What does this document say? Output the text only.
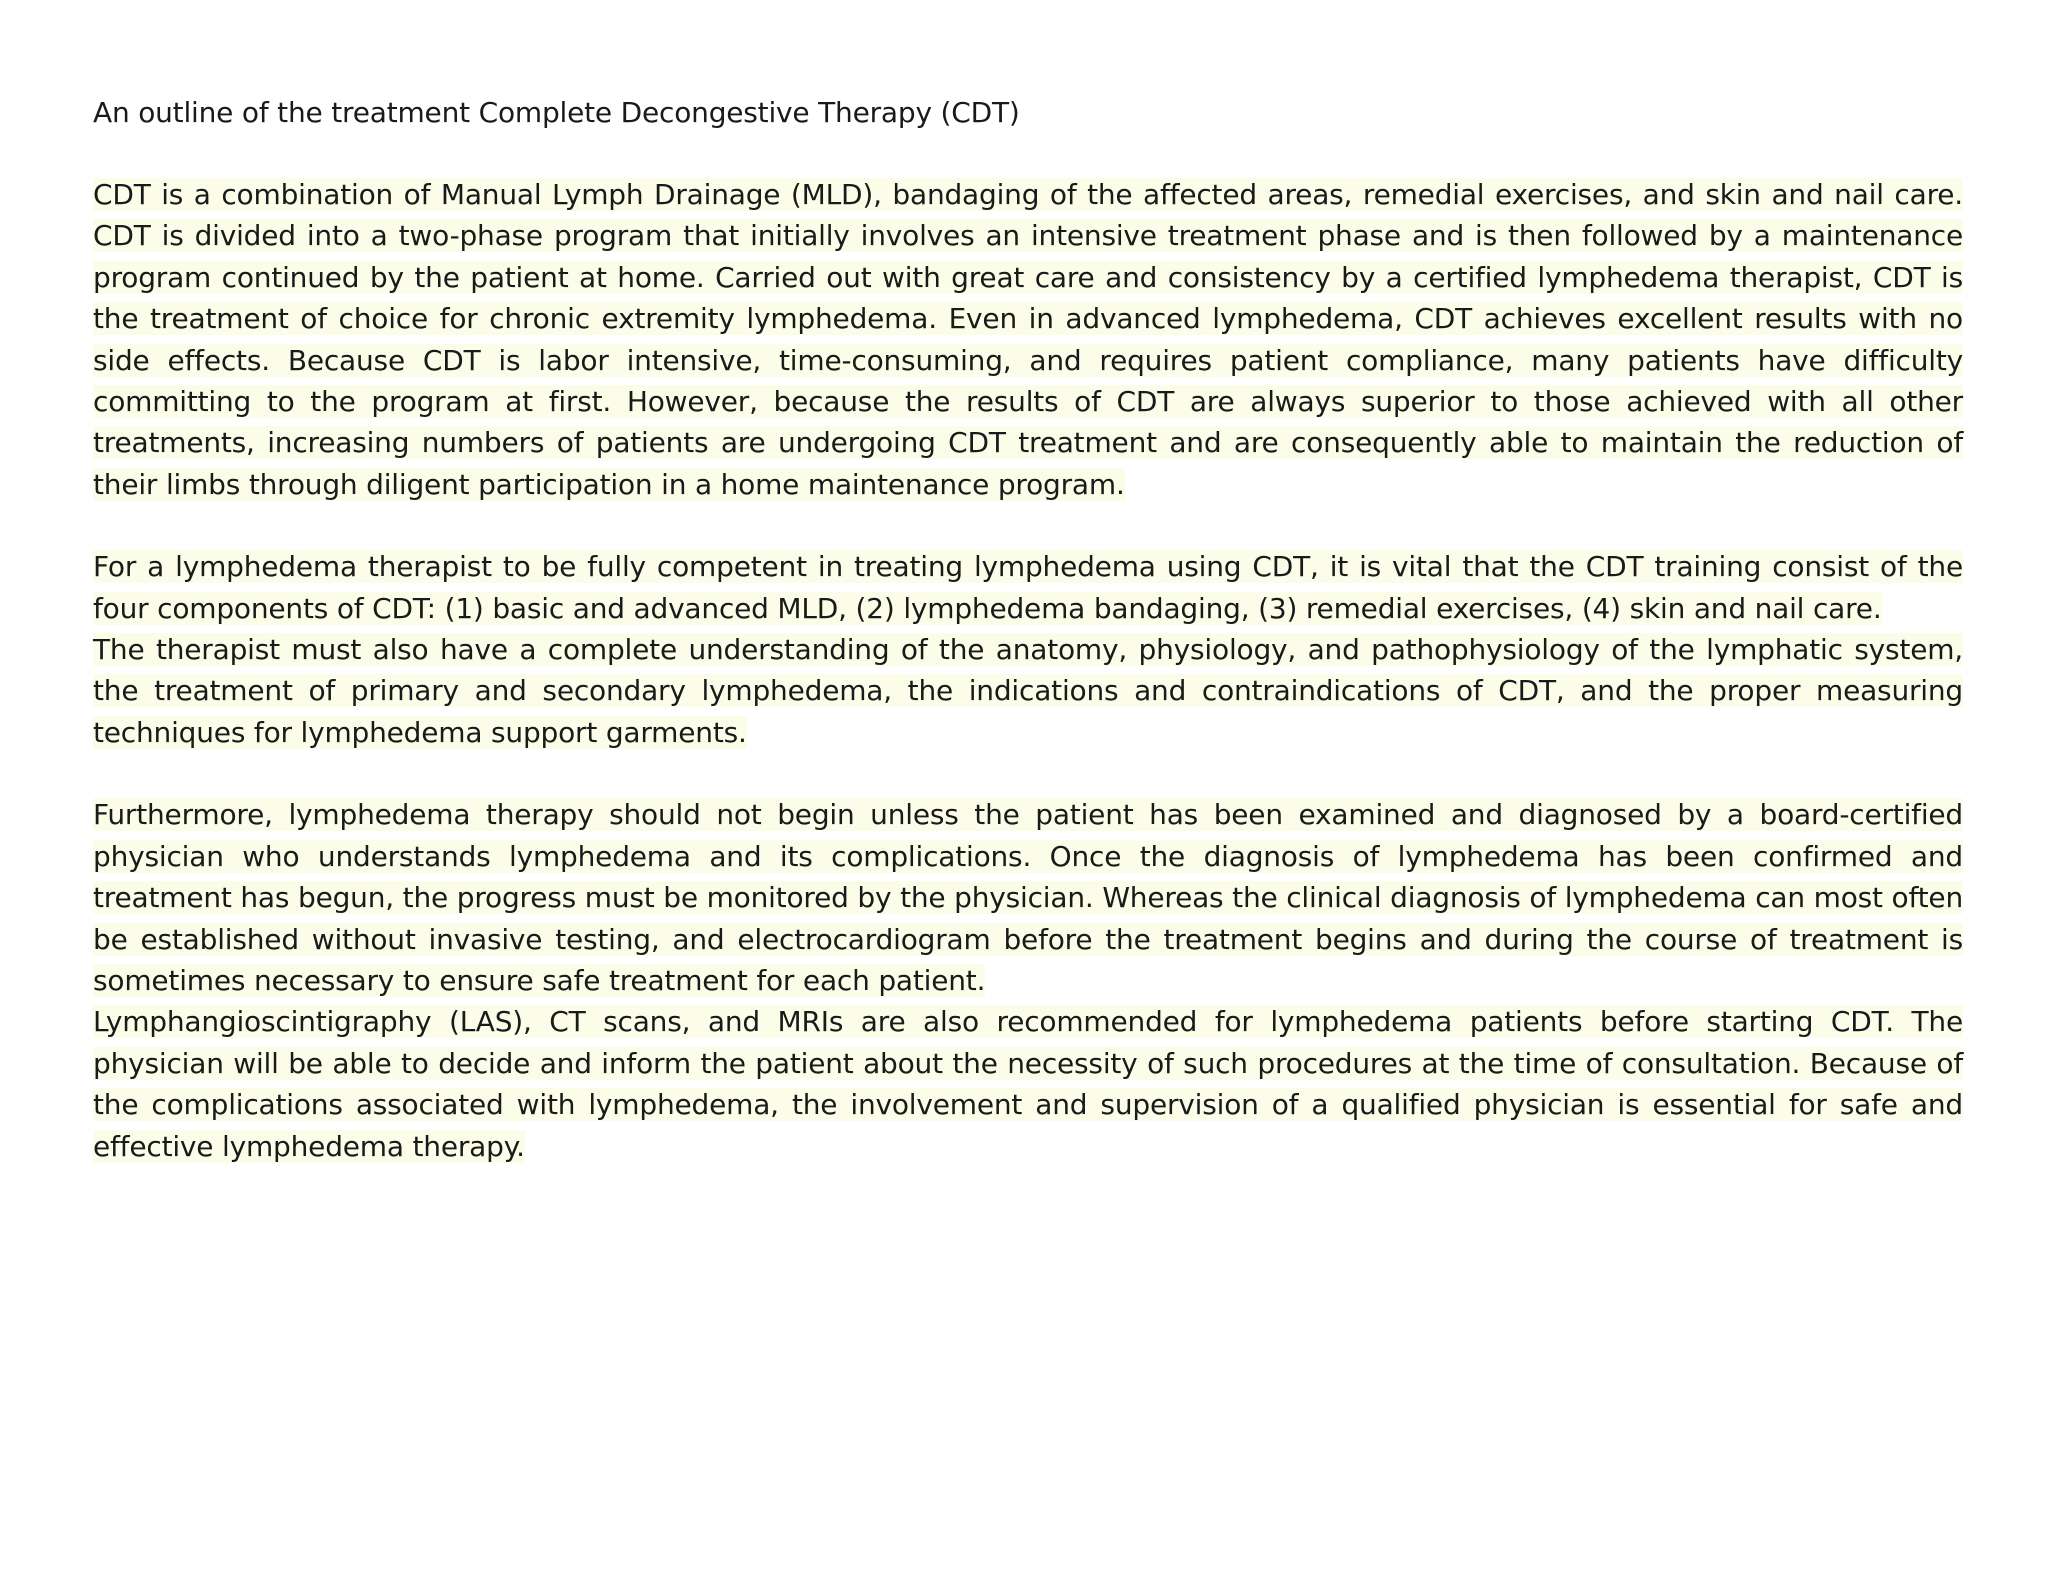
An outline of the treatment Complete Decongestive Therapy (CDT)

CDT is a combination of Manual Lymph Drainage (MLD), bandaging of the affected areas, remedial exercises, and skin and nail care. CDT is divided into a two-phase program that initially involves an intensive treatment phase and is then followed by a maintenance program continued by the patient at home. Carried out with great care and consistency by a certified lymphedema therapist, CDT is the treatment of choice for chronic extremity lymphedema. Even in advanced lymphedema, CDT achieves excellent results with no side effects. Because CDT is labor intensive, time-consuming, and requires patient compliance, many patients have difficulty committing to the program at first. However, because the results of CDT are always superior to those achieved with all other treatments, increasing numbers of patients are undergoing CDT treatment and are consequently able to maintain the reduction of their limbs through diligent participation in a home maintenance program.

For a lymphedema therapist to be fully competent in treating lymphedema using CDT, it is vital that the CDT training consist of the four components of CDT: (1) basic and advanced MLD, (2) lymphedema bandaging, (3) remedial exercises, (4) skin and nail care.

The therapist must also have a complete understanding of the anatomy, physiology, and pathophysiology of the lymphatic system, the treatment of primary and secondary lymphedema, the indications and contraindications of CDT, and the proper measuring techniques for lymphedema support garments.

Furthermore, lymphedema therapy should not begin unless the patient has been examined and diagnosed by a board-certified physician who understands lymphedema and its complications. Once the diagnosis of lymphedema has been confirmed and treatment has begun, the progress must be monitored by the physician. Whereas the clinical diagnosis of lymphedema can most often be established without invasive testing, and electrocardiogram before the treatment begins and during the course of treatment is sometimes necessary to ensure safe treatment for each patient.

Lymphangioscintigraphy (LAS), CT scans, and MRIs are also recommended for lymphedema patients before starting CDT. The physician will be able to decide and inform the patient about the necessity of such procedures at the time of consultation. Because of the complications associated with lymphedema, the involvement and supervision of a qualified physician is essential for safe and effective lymphedema therapy.
